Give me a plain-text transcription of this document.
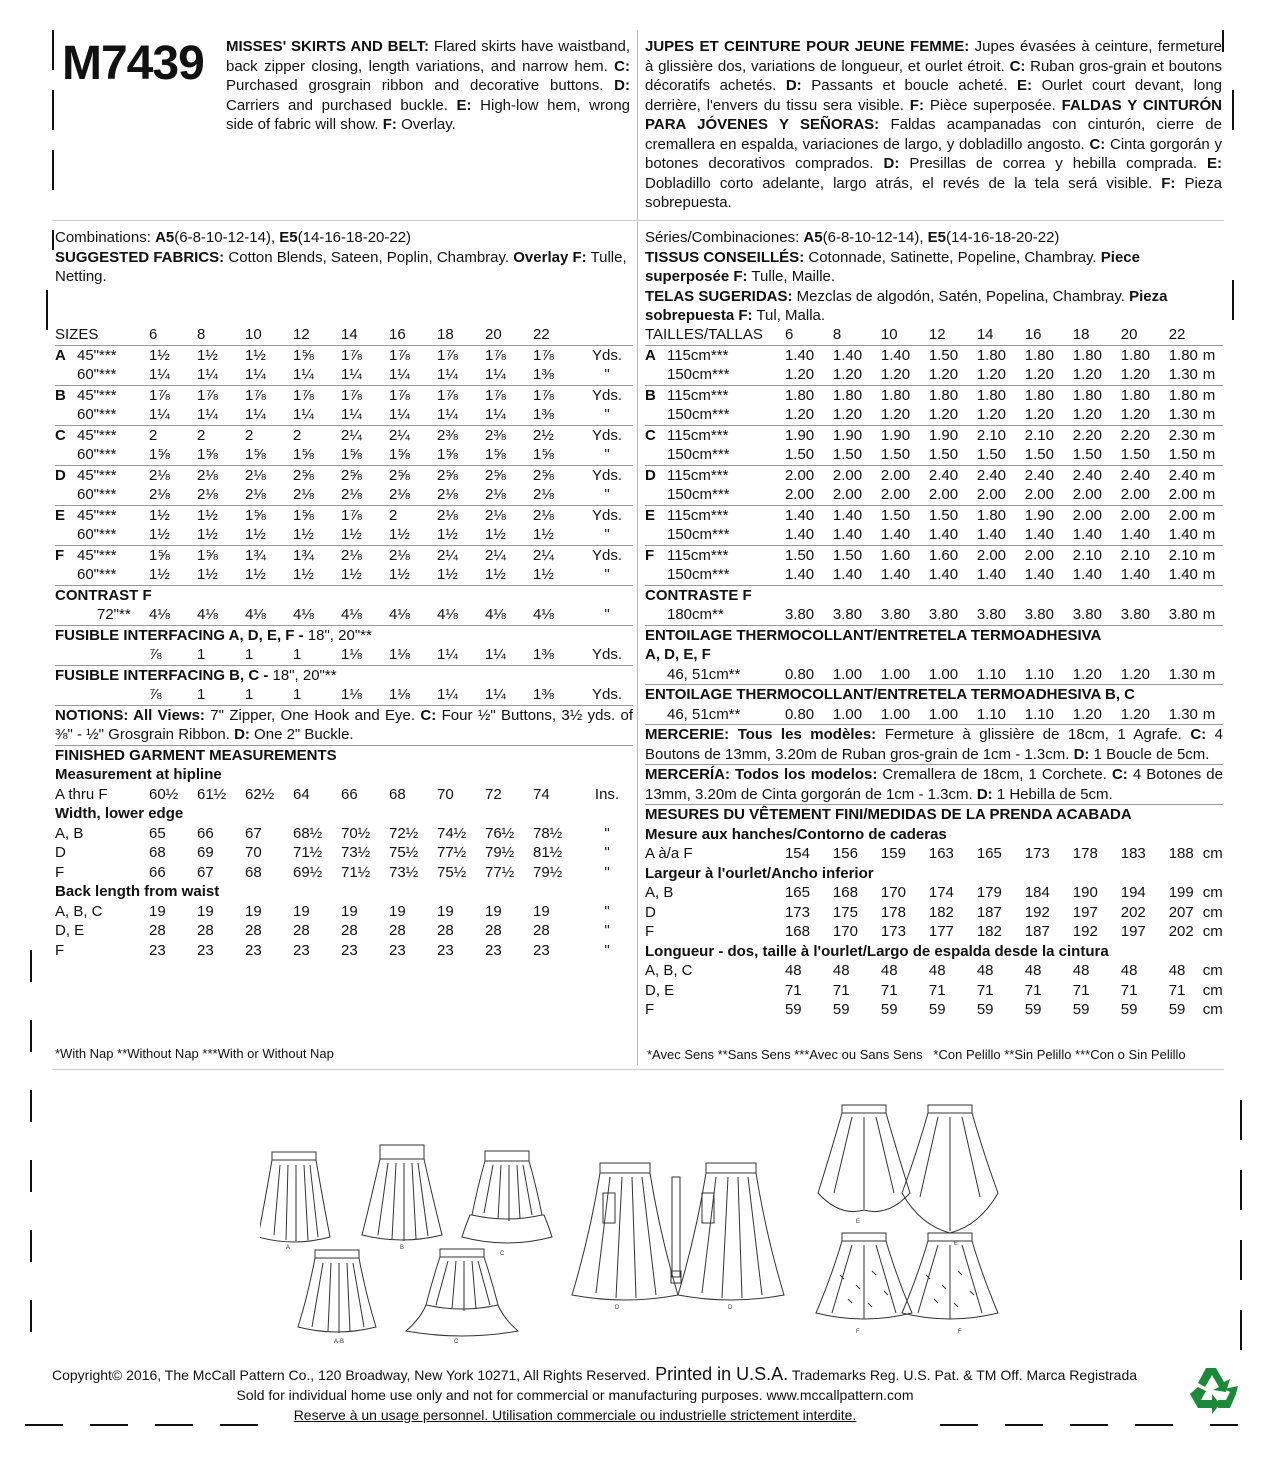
M7439 MISSES' SKIRTS AND BELT: Flared skirts have waistband, back zipper closing, length variations, and narrow hem. C: Purchased grosgrain ribbon and decorative buttons. D: Carriers and purchased buckle. E: High-low hem, wrong side of fabric will show. F: Overlay.
JUPES ET CEINTURE POUR JEUNE FEMME: Jupes évasées à ceinture, fermeture à glissière dos, variations de longueur, et ourlet étroit. C: Ruban gros-grain et boutons décoratifs achetés. D: Passants et boucle acheté. E: Ourlet court devant, long derrière, l'envers du tissu sera visible. F: Pièce superposée. FALDAS Y CINTURÓN PARA JÓVENES Y SEÑORAS: Faldas acampanadas con cinturón, cierre de cremallera en espalda, variaciones de largo, y dobladillo angosto. C: Cinta gorgorán y botones decorativos comprados. D: Presillas de correa y hebilla comprada. E: Dobladillo corto adelante, largo atrás, el revés de la tela será visible. F: Pieza sobrepuesta.
Combinations: A5(6-8-10-12-14), E5(14-16-18-20-22)
SUGGESTED FABRICS: Cotton Blends, Sateen, Poplin, Chambray. Overlay F: Tulle, Netting.
SIZES		6	8	10	12	14	16	18	20	22	
A	45"***	1½	1½	1½	1⅝	1⅞	1⅞	1⅞	1⅞	1⅞	Yds.
	60"***	1¼	1¼	1¼	1¼	1¼	1¼	1¼	1¼	1⅜	"
B	45"***	1⅞	1⅞	1⅞	1⅞	1⅞	1⅞	1⅞	1⅞	1⅞	Yds.
	60"***	1¼	1¼	1¼	1¼	1¼	1¼	1¼	1¼	1⅜	"
C	45"***	2	2	2	2	2¼	2¼	2⅜	2⅜	2½	Yds.
	60"***	1⅝	1⅝	1⅝	1⅝	1⅝	1⅝	1⅝	1⅝	1⅝	"
D	45"***	2⅛	2⅛	2⅛	2⅝	2⅝	2⅝	2⅝	2⅝	2⅝	Yds.
	60"***	2⅛	2⅛	2⅛	2⅛	2⅛	2⅛	2⅛	2⅛	2⅛	"
E	45"***	1½	1½	1⅝	1⅝	1⅞	2	2⅛	2⅛	2⅛	Yds.
	60"***	1½	1½	1½	1½	1½	1½	1½	1½	1½	"
F	45"***	1⅝	1⅝	1¾	1¾	2⅛	2⅛	2¼	2¼	2¼	Yds.
	60"***	1½	1½	1½	1½	1½	1½	1½	1½	1½	"
CONTRAST F											
	72"**	4⅛	4⅛	4⅛	4⅛	4⅛	4⅛	4⅛	4⅛	4⅛	"
FUSIBLE INTERFACING A, D, E, F - 18", 20"**											
		⅞	1	1	1	1⅛	1⅛	1¼	1¼	1⅜	Yds.
FUSIBLE INTERFACING B, C - 18", 20"**											
		⅞	1	1	1	1⅛	1⅛	1¼	1¼	1⅜	Yds.
NOTIONS: All Views: 7" Zipper, One Hook and Eye. C: Four ½" Buttons, 3½ yds. of ⅜" - ½" Grosgrain Ribbon. D: One 2" Buckle.											
FINISHED GARMENT MEASUREMENTS											
Measurement at hipline											
A thru F		60½	61½	62½	64	66	68	70	72	74	Ins.
Width, lower edge											
A, B		65	66	67	68½	70½	72½	74½	76½	78½	"
D		68	69	70	71½	73½	75½	77½	79½	81½	"
F		66	67	68	69½	71½	73½	75½	77½	79½	"
Back length from waist											
A, B, C		19	19	19	19	19	19	19	19	19	"
D, E		28	28	28	28	28	28	28	28	28	"
F		23	23	23	23	23	23	23	23	23	"
*With Nap **Without Nap ***With or Without Nap
Séries/Combinaciones: A5(6-8-10-12-14), E5(14-16-18-20-22)
TISSUS CONSEILLÉS: Cotonnade, Satinette, Popeline, Chambray. Piece superposée F: Tulle, Maille.
TELAS SUGERIDAS: Mezclas de algodón, Satén, Popelina, Chambray. Pieza sobrepuesta F: Tul, Malla.
TAILLES/TALLAS		6	8	10	12	14	16	18	20	22	
A	115cm***	1.40	1.40	1.40	1.50	1.80	1.80	1.80	1.80	1.80	m
	150cm***	1.20	1.20	1.20	1.20	1.20	1.20	1.20	1.20	1.30	m
B	115cm***	1.80	1.80	1.80	1.80	1.80	1.80	1.80	1.80	1.80	m
	150cm***	1.20	1.20	1.20	1.20	1.20	1.20	1.20	1.20	1.30	m
C	115cm***	1.90	1.90	1.90	1.90	2.10	2.10	2.20	2.20	2.30	m
	150cm***	1.50	1.50	1.50	1.50	1.50	1.50	1.50	1.50	1.50	m
D	115cm***	2.00	2.00	2.00	2.40	2.40	2.40	2.40	2.40	2.40	m
	150cm***	2.00	2.00	2.00	2.00	2.00	2.00	2.00	2.00	2.00	m
E	115cm***	1.40	1.40	1.50	1.50	1.80	1.90	2.00	2.00	2.00	m
	150cm***	1.40	1.40	1.40	1.40	1.40	1.40	1.40	1.40	1.40	m
F	115cm***	1.50	1.50	1.60	1.60	2.00	2.00	2.10	2.10	2.10	m
	150cm***	1.40	1.40	1.40	1.40	1.40	1.40	1.40	1.40	1.40	m
CONTRASTE F											
	180cm**	3.80	3.80	3.80	3.80	3.80	3.80	3.80	3.80	3.80	m
ENTOILAGE THERMOCOLLANT/ENTRETELA TERMOADHESIVA											
A, D, E, F											
	46, 51cm**	0.80	1.00	1.00	1.00	1.10	1.10	1.20	1.20	1.30	m
ENTOILAGE THERMOCOLLANT/ENTRETELA TERMOADHESIVA B, C											
	46, 51cm**	0.80	1.00	1.00	1.00	1.10	1.10	1.20	1.20	1.30	m
MERCERIE: Tous les modèles: Fermeture à glissière de 18cm, 1 Agrafe. C: 4 Boutons de 13mm, 3.20m de Ruban gros-grain de 1cm - 1.3cm. D: 1 Boucle de 5cm.											
MERCERÍA: Todos los modelos: Cremallera de 18cm, 1 Corchete. C: 4 Botones de 13mm, 3.20m de Cinta gorgorán de 1cm - 1.3cm. D: 1 Hebilla de 5cm.											
MESURES DU VÊTEMENT FINI/MEDIDAS DE LA PRENDA ACABADA											
Mesure aux hanches/Contorno de caderas											
A à/a F		154	156	159	163	165	173	178	183	188	cm
Largeur à l'ourlet/Ancho inferior											
A, B		165	168	170	174	179	184	190	194	199	cm
D		173	175	178	182	187	192	197	202	207	cm
F		168	170	173	177	182	187	192	197	202	cm
Longueur - dos, taille à l'ourlet/Largo de espalda desde la cintura											
A, B, C		48	48	48	48	48	48	48	48	48	cm
D, E		71	71	71	71	71	71	71	71	71	cm
F		59	59	59	59	59	59	59	59	59	cm
*Avec Sens **Sans Sens ***Avec ou Sans Sens   *Con Pelillo **Sin Pelillo ***Con o Sin Pelillo
A	B
C
A-B	C
D	D
E
E
F	F
Copyright© 2016, The McCall Pattern Co., 120 Broadway, New York 10271, All Rights Reserved. Printed in U.S.A. Trademarks Reg. U.S. Pat. & TM Off. Marca Registrada
Sold for individual home use only and not for commercial or manufacturing purposes. www.mccallpattern.com
Reserve à un usage personnel. Utilisation commerciale ou industrielle strictement interdite.
